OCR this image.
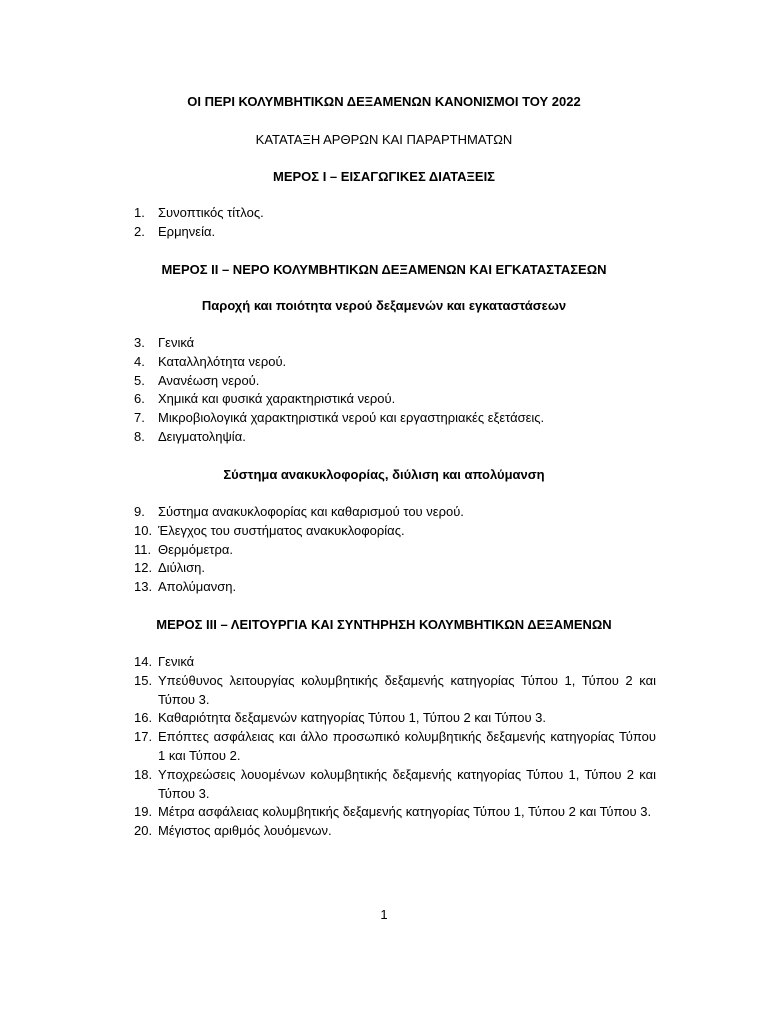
ΟΙ ΠΕΡΙ ΚΟΛΥΜΒΗΤΙΚΩΝ ΔΕΞΑΜΕΝΩΝ ΚΑΝΟΝΙΣΜΟΙ ΤΟΥ 2022
ΚΑΤΑΤΑΞΗ ΑΡΘΡΩΝ ΚΑΙ ΠΑΡΑΡΤΗΜΑΤΩΝ
ΜΕΡΟΣ Ι – ΕΙΣΑΓΩΓΙΚΕΣ ΔΙΑΤΑΞΕΙΣ
1. Συνοπτικός τίτλος.
2. Ερμηνεία.
ΜΕΡΟΣ ΙΙ – ΝΕΡΟ ΚΟΛΥΜΒΗΤΙΚΩΝ ΔΕΞΑΜΕΝΩΝ ΚΑΙ ΕΓΚΑΤΑΣΤΑΣΕΩΝ
Παροχή και ποιότητα νερού δεξαμενών και εγκαταστάσεων
3. Γενικά
4. Καταλληλότητα νερού.
5. Ανανέωση νερού.
6. Χημικά και φυσικά χαρακτηριστικά νερού.
7. Μικροβιολογικά χαρακτηριστικά νερού και εργαστηριακές εξετάσεις.
8. Δειγματοληψία.
Σύστημα ανακυκλοφορίας, διύλιση και απολύμανση
9. Σύστημα ανακυκλοφορίας και καθαρισμού του νερού.
10. Έλεγχος του συστήματος ανακυκλοφορίας.
11. Θερμόμετρα.
12. Διύλιση.
13. Απολύμανση.
ΜΕΡΟΣ ΙΙΙ – ΛΕΙΤΟΥΡΓΙΑ ΚΑΙ ΣΥΝΤΗΡΗΣΗ ΚΟΛΥΜΒΗΤΙΚΩΝ ΔΕΞΑΜΕΝΩΝ
14. Γενικά
15. Υπεύθυνος λειτουργίας κολυμβητικής δεξαμενής κατηγορίας Τύπου 1, Τύπου 2 και Τύπου 3.
16. Καθαριότητα δεξαμενών κατηγορίας Τύπου 1, Τύπου 2 και Τύπου 3.
17. Επόπτες ασφάλειας και άλλο προσωπικό κολυμβητικής δεξαμενής κατηγορίας Τύπου 1 και Τύπου 2.
18. Υποχρεώσεις λουομένων κολυμβητικής δεξαμενής κατηγορίας Τύπου 1, Τύπου 2 και Τύπου 3.
19. Μέτρα ασφάλειας κολυμβητικής δεξαμενής κατηγορίας Τύπου 1, Τύπου 2 και Τύπου 3.
20. Μέγιστος αριθμός λουόμενων.
1
